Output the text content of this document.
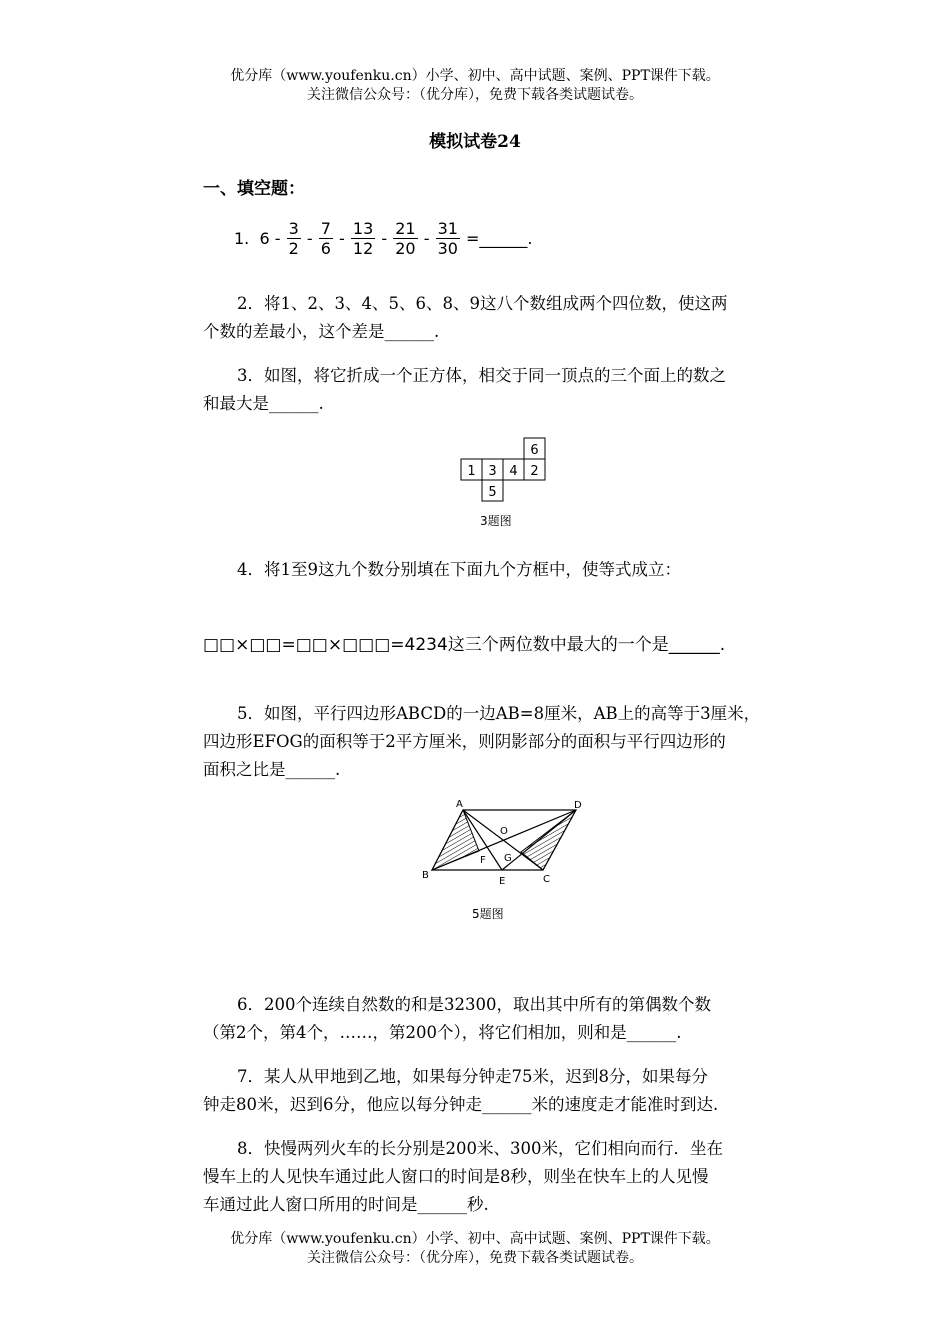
优分库（www.youfenku.cn）小学、初中、高中试题、案例、PPT课件下载。
关注微信公众号：（优分库），免费下载各类试题试卷。
模拟试卷24
一、填空题：
1. $6 - \frac{3}{2} - \frac{7}{6} - \frac{13}{12} - \frac{21}{20} - \frac{31}{30}$ =______.
2．将1、2、3、4、5、6、8、9这八个数组成两个四位数，使这两
个数的差最小，这个差是______.
3．如图，将它折成一个正方体，相交于同一顶点的三个面上的数之
和最大是______.
6
1 3 4 2
5
3题图
4．将1至9这九个数分别填在下面九个方框中，使等式成立：
□□×□□=□□×□□□=4234这三个两位数中最大的一个是______.
5．如图，平行四边形ABCD的一边AB=8厘米，AB上的高等于3厘米，
四边形EFOG的面积等于2平方厘米，则阴影部分的面积与平行四边形的
面积之比是______.
A	D
B	C
E
F G
O
5题图
6．200个连续自然数的和是32300，取出其中所有的第偶数个数
（第2个，第4个，……，第200个），将它们相加，则和是______.
7．某人从甲地到乙地，如果每分钟走75米，迟到8分，如果每分
钟走80米，迟到6分，他应以每分钟走______米的速度走才能准时到达.
8．快慢两列火车的长分别是200米、300米，它们相向而行．坐在
慢车上的人见快车通过此人窗口的时间是8秒，则坐在快车上的人见慢
车通过此人窗口所用的时间是______秒.
优分库（www.youfenku.cn）小学、初中、高中试题、案例、PPT课件下载。
关注微信公众号：（优分库），免费下载各类试题试卷。
